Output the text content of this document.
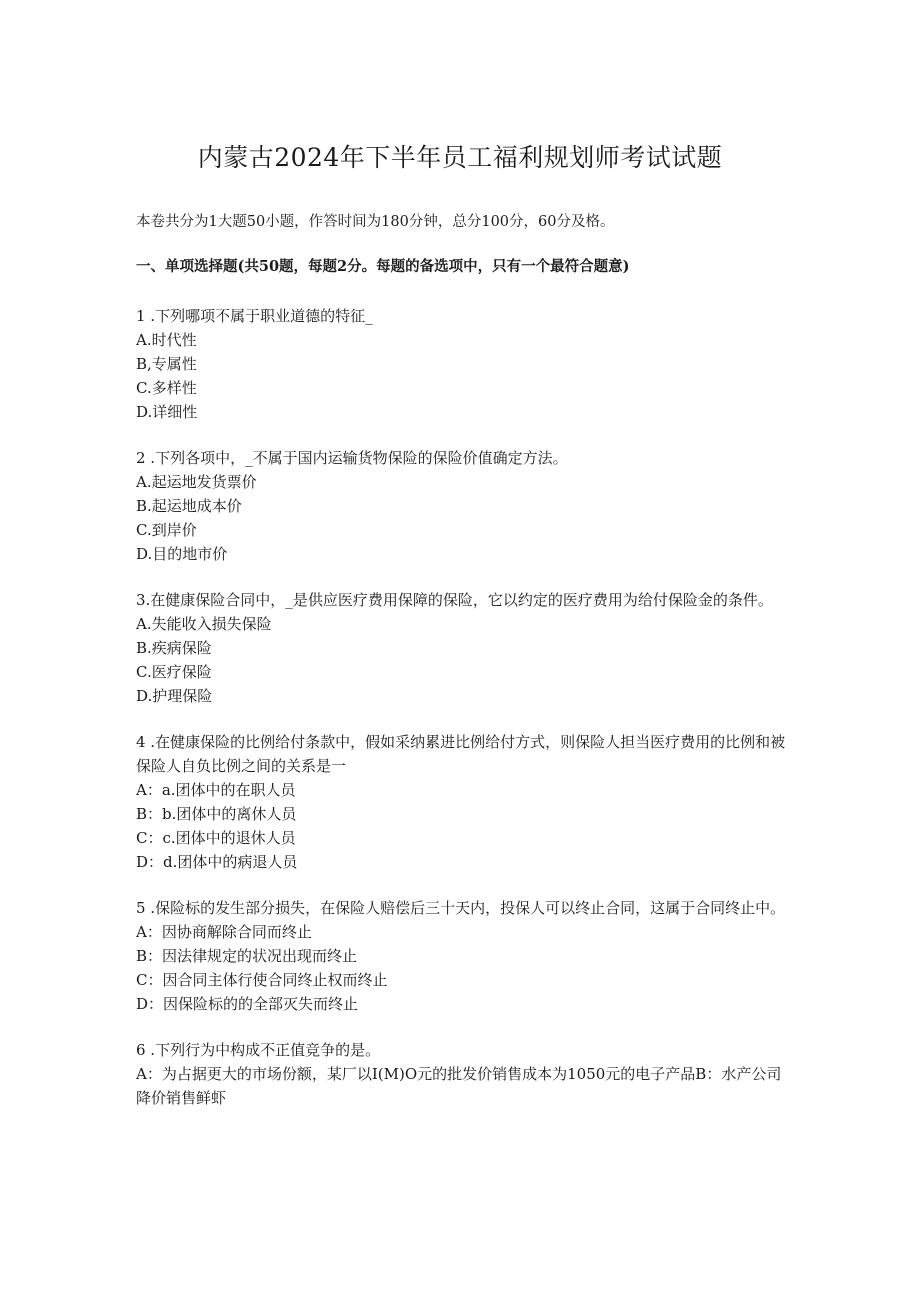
内蒙古2024年下半年员工福利规划师考试试题

本卷共分为1大题50小题，作答时间为180分钟，总分100分，60分及格。

一、单项选择题(共50题，每题2分。每题的备选项中，只有一个最符合题意)

1 .下列哪项不属于职业道德的特征_

A.时代性
B,专属性
C.多样性
D.详细性

2 .下列各项中，_不属于国内运输货物保险的保险价值确定方法。

A.起运地发货票价
B.起运地成本价
C.到岸价
D.目的地市价

3.在健康保险合同中，_是供应医疗费用保障的保险，它以约定的医疗费用为给付保险金的条件。

A.失能收入损失保险
B.疾病保险
C.医疗保险
D.护理保险

4 .在健康保险的比例给付条款中，假如采纳累进比例给付方式，则保险人担当医疗费用的比例和被保险人自负比例之间的关系是一

A：a.团体中的在职人员
B：b.团体中的离休人员
C：c.团体中的退休人员
D：d.团体中的病退人员

5 .保险标的发生部分损失，在保险人赔偿后三十天内，投保人可以终止合同，这属于合同终止中。

A：因协商解除合同而终止
B：因法律规定的状况出现而终止
C：因合同主体行使合同终止权而终止
D：因保险标的的全部灭失而终止

6 .下列行为中构成不正值竞争的是。

A：为占据更大的市场份额，某厂以I(M)O元的批发价销售成本为1050元的电子产品B：水产公司降价销售鲜虾
